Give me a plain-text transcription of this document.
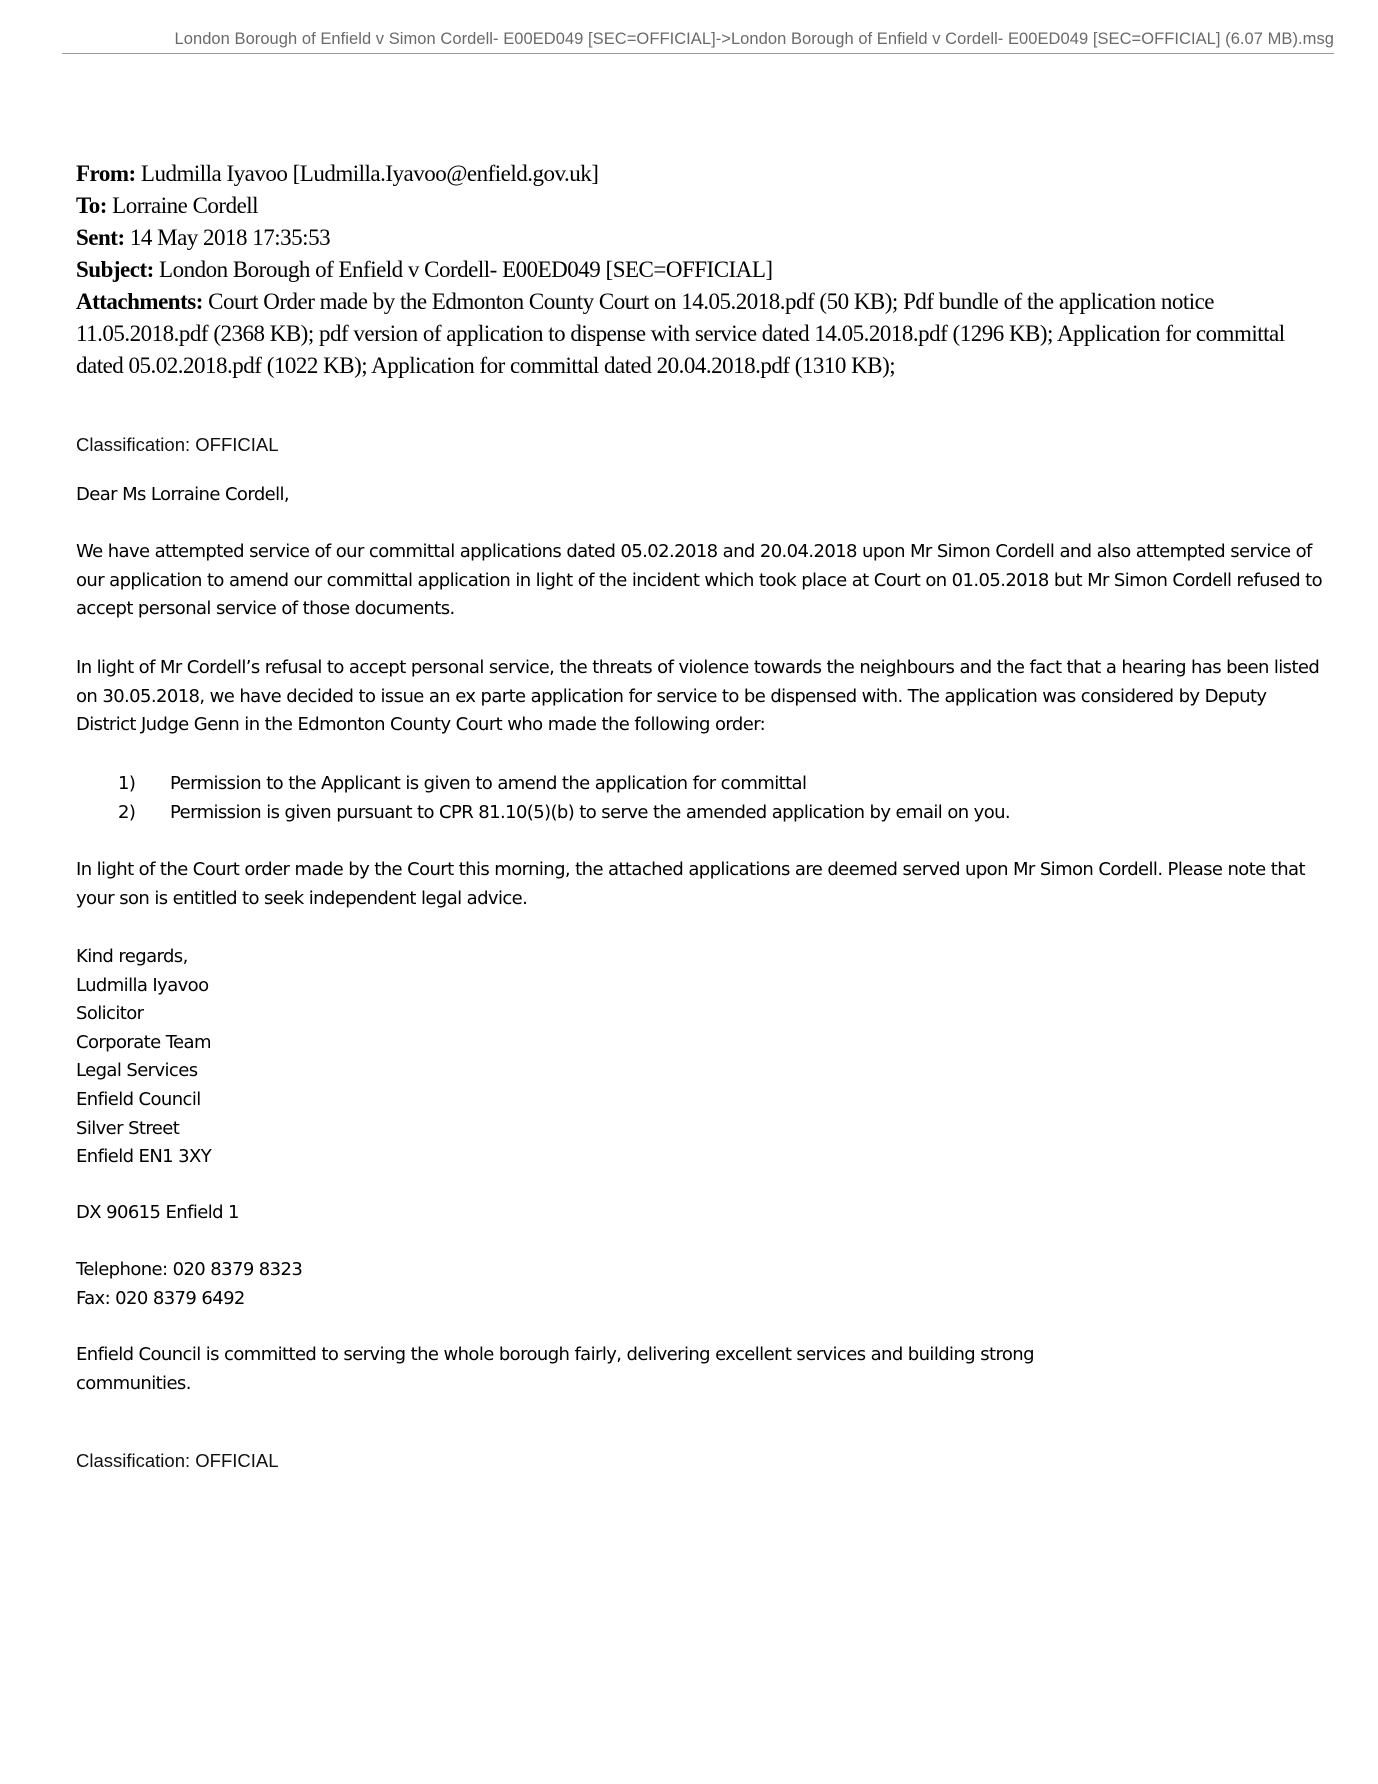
London Borough of Enfield v Simon Cordell- E00ED049 [SEC=OFFICIAL]->London Borough of Enfield v Cordell- E00ED049 [SEC=OFFICIAL] (6.07 MB).msg
From: Ludmilla Iyavoo [Ludmilla.Iyavoo@enfield.gov.uk]
To: Lorraine Cordell
Sent: 14 May 2018 17:35:53
Subject: London Borough of Enfield v Cordell- E00ED049 [SEC=OFFICIAL]
Attachments: Court Order made by the Edmonton County Court on 14.05.2018.pdf (50 KB); Pdf bundle of the application notice 11.05.2018.pdf (2368 KB); pdf version of application to dispense with service dated 14.05.2018.pdf (1296 KB); Application for committal dated 05.02.2018.pdf (1022 KB); Application for committal dated 20.04.2018.pdf (1310 KB);
Classification: OFFICIAL
Dear Ms Lorraine Cordell,
We have attempted service of our committal applications dated 05.02.2018 and 20.04.2018 upon Mr Simon Cordell and also attempted service of our application to amend our committal application in light of the incident which took place at Court on 01.05.2018 but Mr Simon Cordell refused to accept personal service of those documents.
In light of Mr Cordell’s refusal to accept personal service, the threats of violence towards the neighbours and the fact that a hearing has been listed on 30.05.2018, we have decided to issue an ex parte application for service to be dispensed with. The application was considered by Deputy District Judge Genn in the Edmonton County Court who made the following order:
1)	Permission to the Applicant is given to amend the application for committal
2)	Permission is given pursuant to CPR 81.10(5)(b) to serve the amended application by email on you.
In light of the Court order made by the Court this morning, the attached applications are deemed served upon Mr Simon Cordell. Please note that your son is entitled to seek independent legal advice.
Kind regards,
Ludmilla Iyavoo
Solicitor
Corporate Team
Legal Services
Enfield Council
Silver Street
Enfield EN1 3XY
DX 90615 Enfield 1
Telephone: 020 8379 8323
Fax: 020 8379 6492
Enfield Council is committed to serving the whole borough fairly, delivering excellent services and building strong communities.
Classification: OFFICIAL
